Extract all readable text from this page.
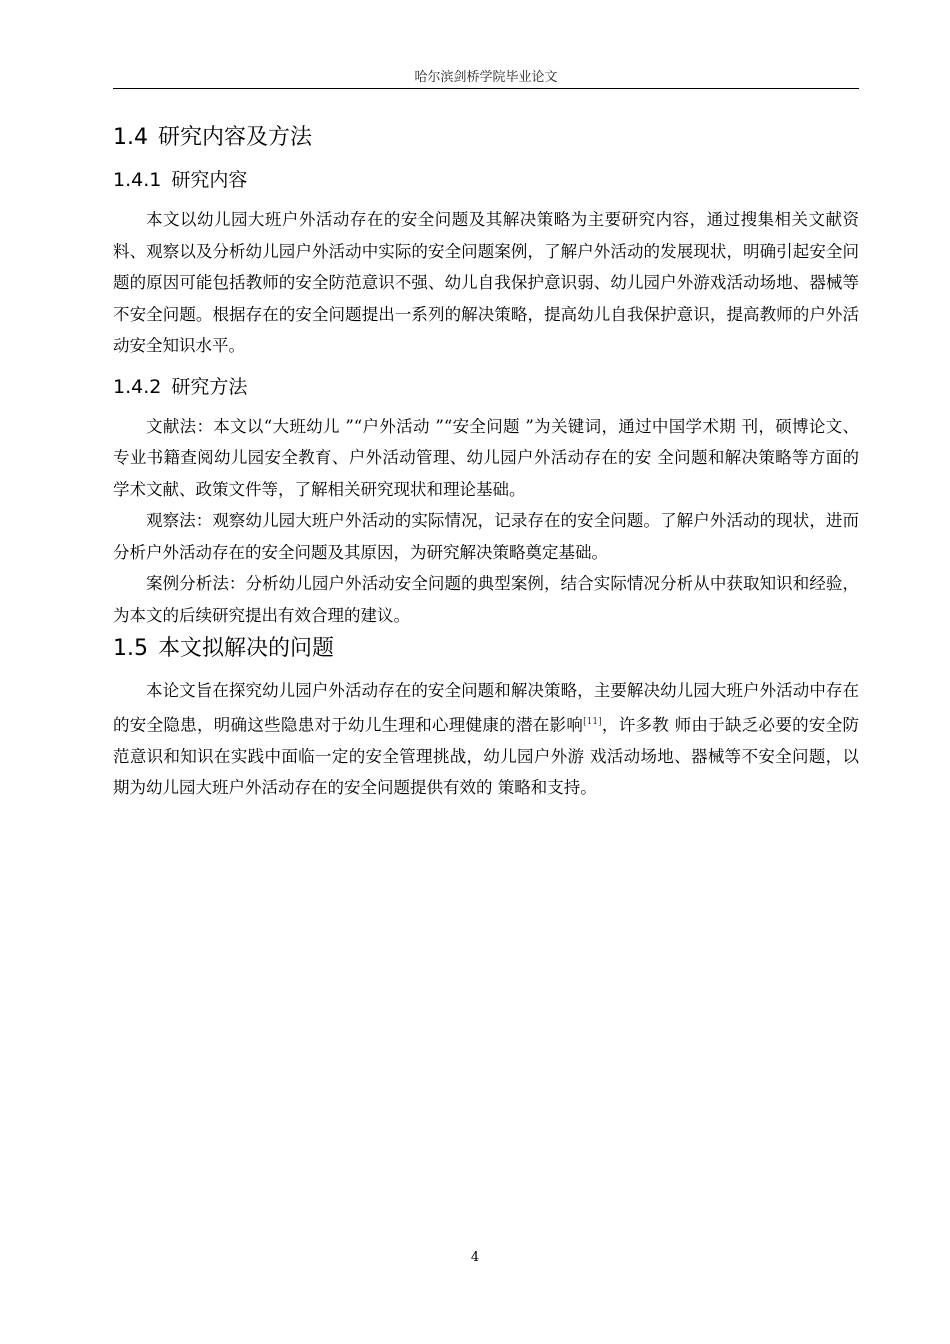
哈尔滨剑桥学院毕业论文
1.4 研究内容及方法
1.4.1 研究内容

本文以幼儿园大班户外活动存在的安全问题及其解决策略为主要研究内容，通过搜集相关文献资料、观察以及分析幼儿园户外活动中实际的安全问题案例，了解户外活动的发展现状，明确引起安全问题的原因可能包括教师的安全防范意识不强、幼儿自我保护意识弱、幼儿园户外游戏活动场地、器械等不安全问题。根据存在的安全问题提出一系列的解决策略，提高幼儿自我保护意识，提高教师的户外活动安全知识水平。

1.4.2 研究方法

文献法：本文以“大班幼儿 ”“户外活动 ”“安全问题 ”为关键词，通过中国学术期 刊，硕博论文、专业书籍查阅幼儿园安全教育、户外活动管理、幼儿园户外活动存在的安 全问题和解决策略等方面的学术文献、政策文件等，了解相关研究现状和理论基础。

观察法：观察幼儿园大班户外活动的实际情况，记录存在的安全问题。了解户外活动的现状，进而分析户外活动存在的安全问题及其原因，为研究解决策略奠定基础。

案例分析法：分析幼儿园户外活动安全问题的典型案例，结合实际情况分析从中获取知识和经验，为本文的后续研究提出有效合理的建议。

1.5 本文拟解决的问题

本论文旨在探究幼儿园户外活动存在的安全问题和解决策略，主要解决幼儿园大班户外活动中存在的安全隐患，明确这些隐患对于幼儿生理和心理健康的潜在影响[11]，许多教 师由于缺乏必要的安全防范意识和知识在实践中面临一定的安全管理挑战，幼儿园户外游 戏活动场地、器械等不安全问题，以期为幼儿园大班户外活动存在的安全问题提供有效的 策略和支持。

4
